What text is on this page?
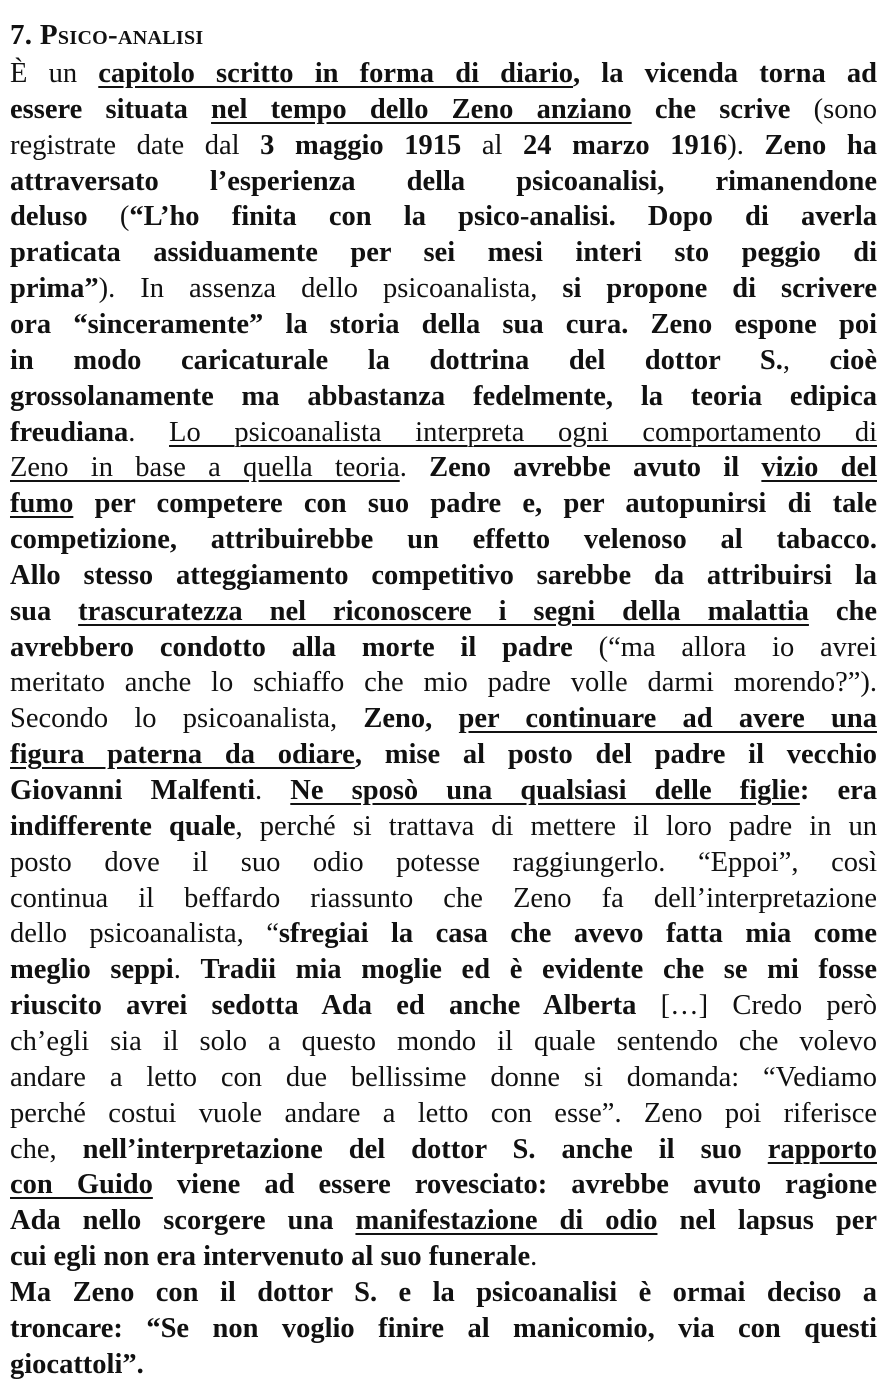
7. Psico-analisi
È un capitolo scritto in forma di diario, la vicenda torna ad
essere situata nel tempo dello Zeno anziano che scrive (sono
registrate date dal 3 maggio 1915 al 24 marzo 1916). Zeno ha
attraversato l’esperienza della psicoanalisi, rimanendone
deluso (“L’ho finita con la psico-analisi. Dopo di averla
praticata assiduamente per sei mesi interi sto peggio di
prima”). In assenza dello psicoanalista, si propone di scrivere
ora “sinceramente” la storia della sua cura. Zeno espone poi
in modo caricaturale la dottrina del dottor S., cioè
grossolanamente ma abbastanza fedelmente, la teoria edipica
freudiana. Lo psicoanalista interpreta ogni comportamento di
Zeno in base a quella teoria. Zeno avrebbe avuto il vizio del
fumo per competere con suo padre e, per autopunirsi di tale
competizione, attribuirebbe un effetto velenoso al tabacco.
Allo stesso atteggiamento competitivo sarebbe da attribuirsi la
sua trascuratezza nel riconoscere i segni della malattia che
avrebbero condotto alla morte il padre (“ma allora io avrei
meritato anche lo schiaffo che mio padre volle darmi morendo?”).
Secondo lo psicoanalista, Zeno, per continuare ad avere una
figura paterna da odiare, mise al posto del padre il vecchio
Giovanni Malfenti. Ne sposò una qualsiasi delle figlie: era
indifferente quale, perché si trattava di mettere il loro padre in un
posto dove il suo odio potesse raggiungerlo. “Eppoi”, così
continua il beffardo riassunto che Zeno fa dell’interpretazione
dello psicoanalista, “sfregiai la casa che avevo fatta mia come
meglio seppi. Tradii mia moglie ed è evidente che se mi fosse
riuscito avrei sedotta Ada ed anche Alberta […] Credo però
ch’egli sia il solo a questo mondo il quale sentendo che volevo
andare a letto con due bellissime donne si domanda: “Vediamo
perché costui vuole andare a letto con esse”. Zeno poi riferisce
che, nell’interpretazione del dottor S. anche il suo rapporto
con Guido viene ad essere rovesciato: avrebbe avuto ragione
Ada nello scorgere una manifestazione di odio nel lapsus per
cui egli non era intervenuto al suo funerale.
Ma Zeno con il dottor S. e la psicoanalisi è ormai deciso a
troncare: “Se non voglio finire al manicomio, via con questi
giocattoli”.
